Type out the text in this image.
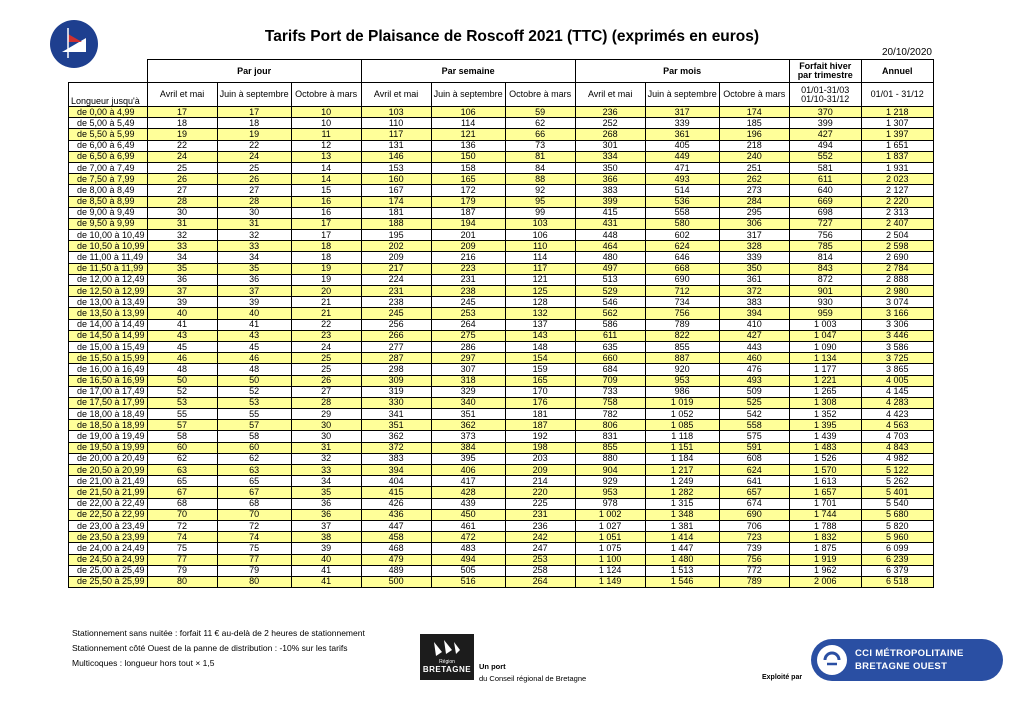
Tarifs Port de Plaisance de Roscoff 2021 (TTC) (exprimés en euros)
20/10/2020
	Par jour			Par semaine			Par mois			Forfait hiver
par trimestre	Annuel
Longueur jusqu'à	Avril et mai	Juin à septembre	Octobre à mars	Avril et mai	Juin à septembre	Octobre à mars	Avril et mai	Juin à septembre	Octobre à mars	01/01-31/03
01/10-31/12	01/01 - 31/12
de 0,00 à 4,99	17	17	10	103	106	59	236	317	174	370	1 218
de 5,00 à 5,49	18	18	10	110	114	62	252	339	185	399	1 307
de 5,50 à 5,99	19	19	11	117	121	66	268	361	196	427	1 397
de 6,00 à 6,49	22	22	12	131	136	73	301	405	218	494	1 651
de 6,50 à 6,99	24	24	13	146	150	81	334	449	240	552	1 837
de 7,00 à 7,49	25	25	14	153	158	84	350	471	251	581	1 931
de 7,50 à 7,99	26	26	14	160	165	88	366	493	262	611	2 023
de 8,00 à 8,49	27	27	15	167	172	92	383	514	273	640	2 127
de 8,50 à 8,99	28	28	16	174	179	95	399	536	284	669	2 220
de 9,00 à 9,49	30	30	16	181	187	99	415	558	295	698	2 313
de 9,50 à 9,99	31	31	17	188	194	103	431	580	306	727	2 407
de 10,00 à 10,49	32	32	17	195	201	106	448	602	317	756	2 504
de 10,50 à 10,99	33	33	18	202	209	110	464	624	328	785	2 598
de 11,00 à 11,49	34	34	18	209	216	114	480	646	339	814	2 690
de 11,50 à 11,99	35	35	19	217	223	117	497	668	350	843	2 784
de 12,00 à 12,49	36	36	19	224	231	121	513	690	361	872	2 888
de 12,50 à 12,99	37	37	20	231	238	125	529	712	372	901	2 980
de 13,00 à 13,49	39	39	21	238	245	128	546	734	383	930	3 074
de 13,50 à 13,99	40	40	21	245	253	132	562	756	394	959	3 166
de 14,00 à 14,49	41	41	22	256	264	137	586	789	410	1 003	3 306
de 14,50 à 14,99	43	43	23	266	275	143	611	822	427	1 047	3 446
de 15,00 à 15,49	45	45	24	277	286	148	635	855	443	1 090	3 586
de 15,50 à 15,99	46	46	25	287	297	154	660	887	460	1 134	3 725
de 16,00 à 16,49	48	48	25	298	307	159	684	920	476	1 177	3 865
de 16,50 à 16,99	50	50	26	309	318	165	709	953	493	1 221	4 005
de 17,00 à 17,49	52	52	27	319	329	170	733	986	509	1 265	4 145
de 17,50 à 17,99	53	53	28	330	340	176	758	1 019	525	1 308	4 283
de 18,00 à 18,49	55	55	29	341	351	181	782	1 052	542	1 352	4 423
de 18,50 à 18,99	57	57	30	351	362	187	806	1 085	558	1 395	4 563
de 19,00 à 19,49	58	58	30	362	373	192	831	1 118	575	1 439	4 703
de 19,50 à 19,99	60	60	31	372	384	198	855	1 151	591	1 483	4 843
de 20,00 à 20,49	62	62	32	383	395	203	880	1 184	608	1 526	4 982
de 20,50 à 20,99	63	63	33	394	406	209	904	1 217	624	1 570	5 122
de 21,00 à 21,49	65	65	34	404	417	214	929	1 249	641	1 613	5 262
de 21,50 à 21,99	67	67	35	415	428	220	953	1 282	657	1 657	5 401
de 22,00 à 22,49	68	68	36	426	439	225	978	1 315	674	1 701	5 540
de 22,50 à 22,99	70	70	36	436	450	231	1 002	1 348	690	1 744	5 680
de 23,00 à 23,49	72	72	37	447	461	236	1 027	1 381	706	1 788	5 820
de 23,50 à 23,99	74	74	38	458	472	242	1 051	1 414	723	1 832	5 960
de 24,00 à 24,49	75	75	39	468	483	247	1 075	1 447	739	1 875	6 099
de 24,50 à 24,99	77	77	40	479	494	253	1 100	1 480	756	1 919	6 239
de 25,00 à 25,49	79	79	41	489	505	258	1 124	1 513	772	1 962	6 379
de 25,50 à 25,99	80	80	41	500	516	264	1 149	1 546	789	2 006	6 518
Stationnement sans nuitée : forfait 11 € au-delà de 2 heures de stationnement
Stationnement côté Ouest de la panne de distribution : -10% sur les tarifs
Multicoques : longueur hors tout × 1,5	Région
BRETAGNE	Un port
du Conseil régional de Bretagne	Exploité par
CCI MÉTROPOLITAINE
BRETAGNE OUEST
